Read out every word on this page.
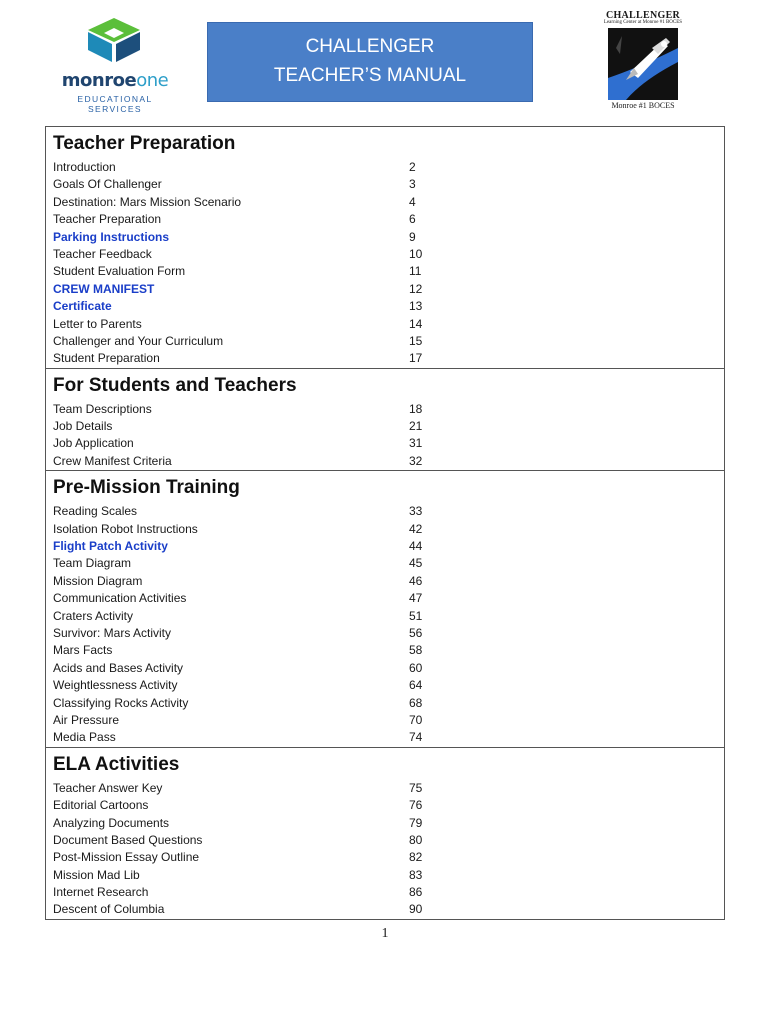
monroeone
EDUCATIONAL SERVICES
CHALLENGER
TEACHER’S MANUAL
CHALLENGER
Learning Center at Monroe #1 BOCES
Monroe #1 BOCES
Teacher Preparation
Introduction	2
Goals Of Challenger	3
Destination: Mars Mission Scenario	4
Teacher Preparation	6
Parking Instructions	9
Teacher Feedback	10
Student Evaluation Form	11
CREW MANIFEST	12
Certificate	13
Letter to Parents	14
Challenger and Your Curriculum	15
Student Preparation	17
For Students and Teachers
Team Descriptions	18
Job Details	21
Job Application	31
Crew Manifest Criteria	32
Pre-Mission Training
Reading Scales	33
Isolation Robot Instructions	42
Flight Patch Activity	44
Team Diagram	45
Mission Diagram	46
Communication Activities	47
Craters Activity	51
Survivor: Mars Activity	56
Mars Facts	58
Acids and Bases Activity	60
Weightlessness Activity	64
Classifying Rocks Activity	68
Air Pressure	70
Media Pass	74
ELA Activities
Teacher Answer Key	75
Editorial Cartoons	76
Analyzing Documents	79
Document Based Questions	80
Post-Mission Essay Outline	82
Mission Mad Lib	83
Internet Research	86
Descent of Columbia	90
1
